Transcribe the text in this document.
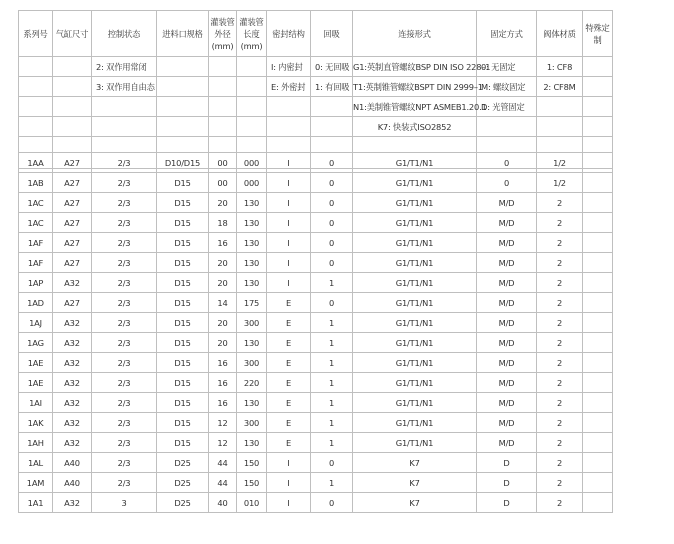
系列号	气缸尺寸	控制状态	进料口规格	灌装管外径(mm)	灌装管长度(mm)	密封结构	回吸	连接形式	固定方式	阀体材质	特殊定制
		2: 双作用常闭				I: 内密封	0: 无回吸	G1:英制直管螺纹BSP DIN ISO 228–1	0: 无固定	1: CF8	
		3: 双作用自由态				E: 外密封	1: 有回吸	T1:英制锥管螺纹BSPT DIN 2999–1	M: 螺纹固定	2: CF8M	
								N1:美制锥管螺纹NPT ASMEB1.20.1	D: 光管固定		
								K7: 快装式ISO2852			

1AA	A27	2/3	D10/D15	00	000	I	0	G1/T1/N1	0	1/2	
1AB	A27	2/3	D15	00	000	I	0	G1/T1/N1	0	1/2	
1AC	A27	2/3	D15	20	130	I	0	G1/T1/N1	M/D	2	
1AC	A27	2/3	D15	18	130	I	0	G1/T1/N1	M/D	2	
1AF	A27	2/3	D15	16	130	I	0	G1/T1/N1	M/D	2	
1AF	A27	2/3	D15	20	130	I	0	G1/T1/N1	M/D	2	
1AP	A32	2/3	D15	20	130	I	1	G1/T1/N1	M/D	2	
1AD	A27	2/3	D15	14	175	E	0	G1/T1/N1	M/D	2	
1AJ	A32	2/3	D15	20	300	E	1	G1/T1/N1	M/D	2	
1AG	A32	2/3	D15	20	130	E	1	G1/T1/N1	M/D	2	
1AE	A32	2/3	D15	16	300	E	1	G1/T1/N1	M/D	2	
1AE	A32	2/3	D15	16	220	E	1	G1/T1/N1	M/D	2	
1AI	A32	2/3	D15	16	130	E	1	G1/T1/N1	M/D	2	
1AK	A32	2/3	D15	12	300	E	1	G1/T1/N1	M/D	2	
1AH	A32	2/3	D15	12	130	E	1	G1/T1/N1	M/D	2	
1AL	A40	2/3	D25	44	150	I	0	K7	D	2	
1AM	A40	2/3	D25	44	150	I	1	K7	D	2	
1A1	A32	3	D25	40	010	I	0	K7	D	2	
